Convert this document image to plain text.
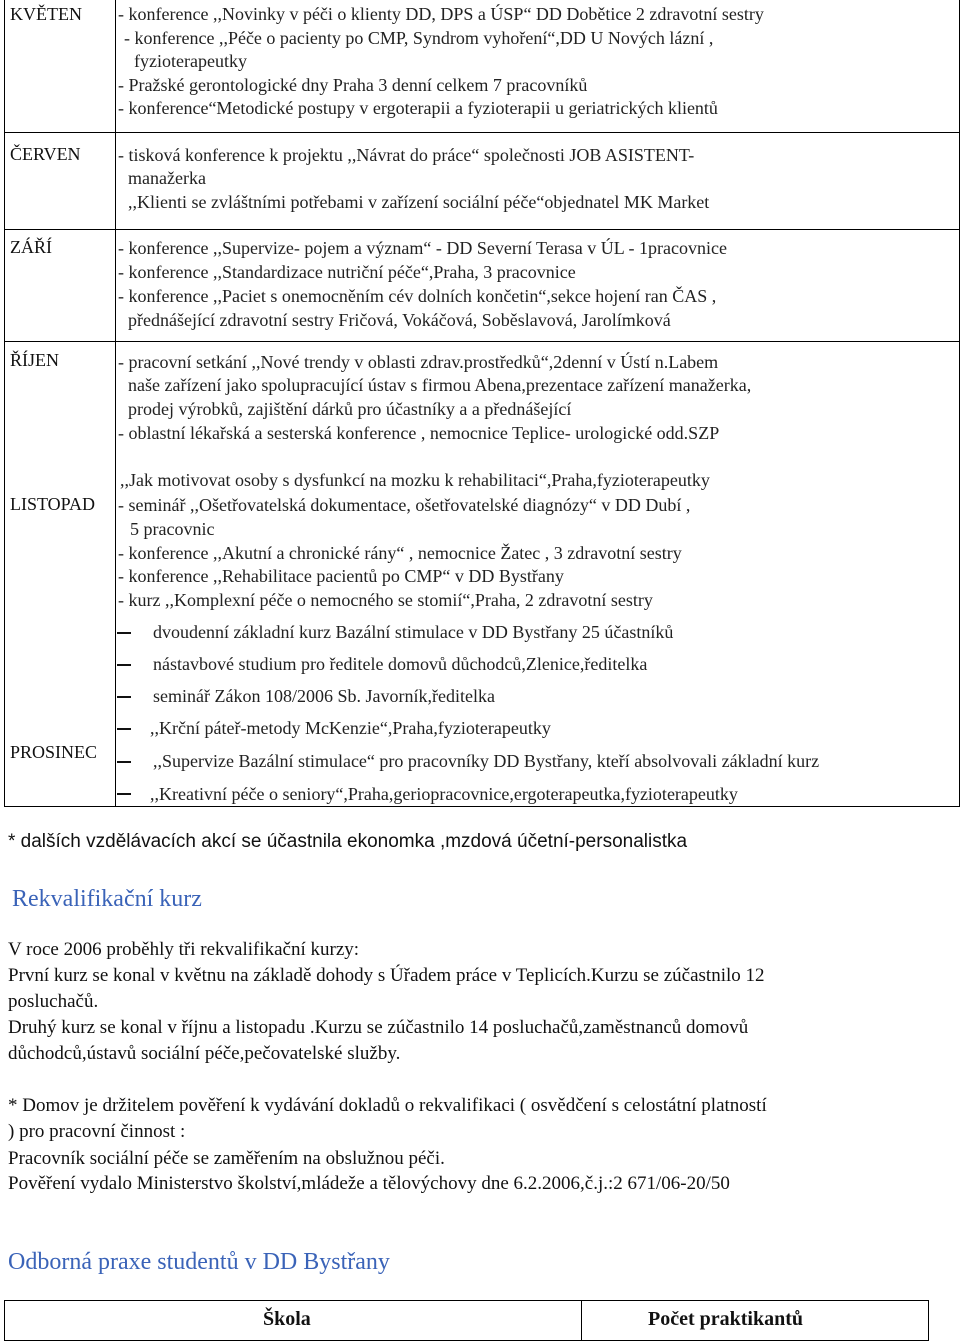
KVĚTEN
ČERVEN
ZÁŘÍ
ŘÍJEN
LISTOPAD
PROSINEC
- konference ,,Novinky v péči o klienty DD, DPS a ÚSP“ DD Dobětice 2 zdravotní sestry
- konference ,,Péče o pacienty po CMP, Syndrom vyhoření“,DD U Nových lázní ,
fyzioterapeutky
- Pražské gerontologické dny Praha 3 denní celkem 7 pracovníků
- konference“Metodické postupy v ergoterapii a fyzioterapii u geriatrických klientů
- tisková konference k projektu ,,Návrat do práce“ společnosti JOB ASISTENT-
manažerka
,,Klienti se zvláštními potřebami v zařízení sociální péče“objednatel MK Market
- konference ,,Supervize- pojem a význam“ - DD Severní Terasa v ÚL - 1pracovnice
- konference ,,Standardizace nutriční péče“,Praha, 3 pracovnice
- konference ,,Paciet s onemocněním cév dolních končetin“,sekce hojení ran ČAS ,
přednášející zdravotní sestry Fričová, Vokáčová, Soběslavová, Jarolímková
- pracovní setkání ,,Nové trendy v oblasti zdrav.prostředků“,2denní v Ústí n.Labem
naše zařízení jako spolupracující ústav s firmou Abena,prezentace zařízení manažerka,
prodej výrobků, zajištění dárků pro účastníky a a přednášející
- oblastní lékařská a sesterská konference , nemocnice Teplice- urologické odd.SZP
,,Jak motivovat osoby s dysfunkcí na mozku k rehabilitaci“,Praha,fyzioterapeutky
- seminář ,,Ošetřovatelská dokumentace, ošetřovatelské diagnózy“ v DD Dubí ,
5 pracovnic
- konference ,,Akutní a chronické rány“ , nemocnice Žatec , 3 zdravotní sestry
- konference ,,Rehabilitace pacientů po CMP“ v DD Bystřany
- kurz ,,Komplexní péče o nemocného se stomií“,Praha, 2 zdravotní sestry
dvoudenní základní kurz Bazální stimulace v DD Bystřany 25 účastníků
nástavbové studium pro ředitele domovů důchodců,Zlenice,ředitelka
seminář Zákon 108/2006 Sb. Javorník,ředitelka
,,Krční páteř-metody McKenzie“,Praha,fyzioterapeutky
,,Supervize Bazální stimulace“ pro pracovníky DD Bystřany, kteří absolvovali základní kurz
,,Kreativní péče o seniory“,Praha,geriopracovnice,ergoterapeutka,fyzioterapeutky
* dalších vzdělávacích akcí se účastnila ekonomka ,mzdová účetní-personalistka
Rekvalifikační kurz
V roce 2006 proběhly tři rekvalifikační kurzy:
První kurz se konal v květnu na základě dohody s Úřadem práce v Teplicích.Kurzu se zúčastnilo 12
posluchačů.
Druhý kurz se konal v říjnu a listopadu .Kurzu se zúčastnilo 14 posluchačů,zaměstnanců domovů
důchodců,ústavů sociální péče,pečovatelské služby.
* Domov je držitelem pověření k vydávání dokladů o rekvalifikaci ( osvědčení s celostátní platností
) pro pracovní činnost :
Pracovník sociální péče se zaměřením na obslužnou péči.
Pověření vydalo Ministerstvo školství,mládeže a tělovýchovy dne 6.2.2006,č.j.:2 671/06-20/50
Odborná praxe studentů v DD Bystřany
Škola	Počet praktikantů
